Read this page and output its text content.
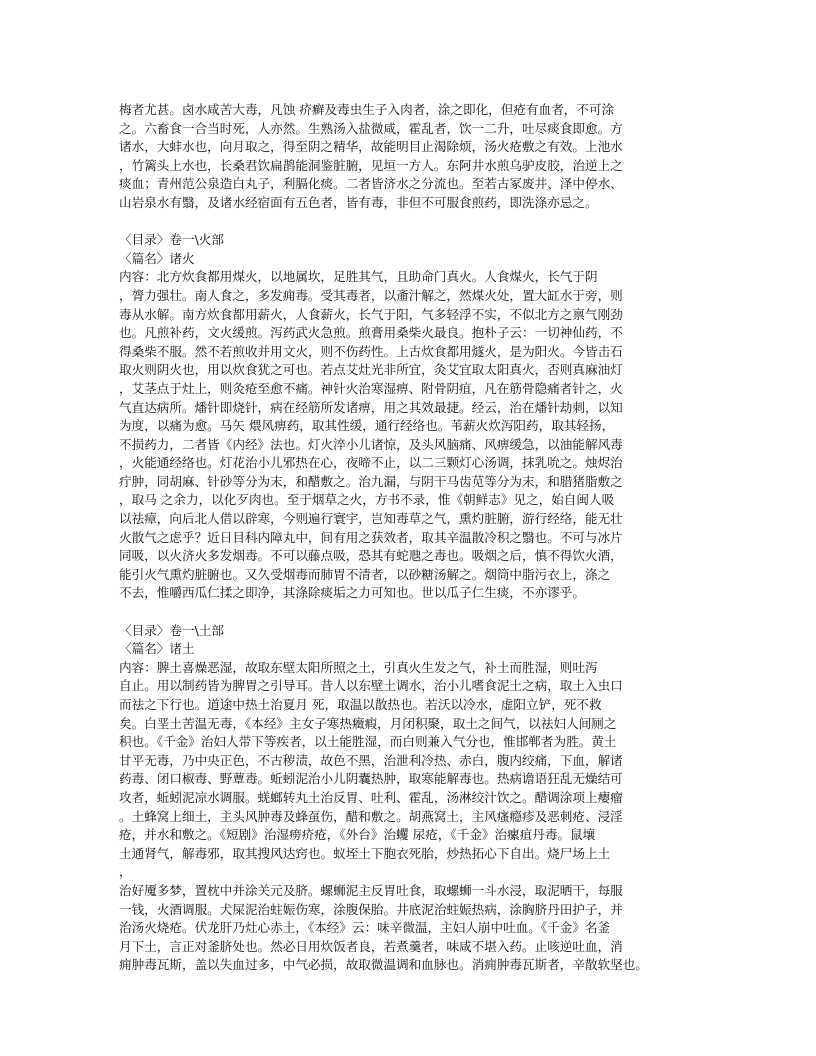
梅者尤甚。卤水咸苦大毒，凡蚀 疥癣及毒虫生子入肉者，涂之即化，但疮有血者，不可涂
之。六畜食一合当时死，人亦然。生熟汤入盐微咸，霍乱者，饮一二升，吐尽痰食即愈。方
诸水，大蚌水也，向月取之，得至阴之精华，故能明目止渴除烦，汤火疮敷之有效。上池水
，竹篱头上水也，长桑君饮扁鹊能洞鉴脏腑，见垣一方人。东阿井水煎乌驴皮胶，治逆上之
痰血；青州范公泉造白丸子，利膈化痰。二者皆济水之分流也。至若古冢废井、泽中停水、
山岩泉水有翳，及诸水经宿面有五色者，皆有毒，非但不可服食煎药，即洗涤亦忌之。
〈目录〉卷一\火部
〈篇名〉诸火
内容：北方炊食都用煤火，以地属坎，足胜其气，且助命门真火。人食煤火，长气于阴
，膂力强壮。南人食之，多发痈毒。受其毒者，以齑汁解之，然煤火处，置大缸水于旁，则
毒从水解。南方炊食都用薪火，人食薪火，长气于阳，气多轻浮不实，不似北方之禀气刚劲
也。凡煎补药，文火缓煎。泻药武火急煎。煎膏用桑柴火最良。抱朴子云：一切神仙药，不
得桑柴不服。然不若煎收并用文火，则不伤药性。上古炊食都用燧火，是为阳火。今皆击石
取火则阴火也，用以炊食犹之可也。若点艾灶光非所宜，灸艾宜取太阳真火，否则真麻油灯
，艾茎点于灶上，则灸疮至愈不痛。神针火治寒湿痹、附骨阴疽，凡在筋骨隐痛者针之，火
气直达病所。燔针即烧针，病在经筋所发诸痹，用之其效最捷。经云，治在燔针劫刺，以知
为度，以痛为愈。马矢 煨风痹药，取其性缓，通行经络也。苇薪火炊泻阳药，取其轻扬，
不损药力，二者皆《内经》法也。灯火淬小儿诸惊，及头风脑痛、风痹缓急，以油能解风毒
，火能通经络也。灯花治小儿邪热在心，夜啼不止，以二三颗灯心汤调，抹乳吮之。烛烬治
疔肿，同胡麻、针砂等分为末，和醋敷之。治九漏，与阴干马齿苋等分为末，和腊猪脂敷之
，取马 之余力，以化歹肉也。至于烟草之火，方书不录，惟《朝鲜志》见之，始自闽人吸
以祛瘴，向后北人借以辟寒，今则遍行寰宇，岂知毒草之气，熏灼脏腑，游行经络，能无壮
火散气之虑乎？近日目科内障丸中，间有用之获效者，取其辛温散冷积之翳也。不可与冰片
同吸，以火济火多发烟毒。不可以藤点吸，恐其有蛇虺之毒也。吸烟之后，慎不得饮火酒，
能引火气熏灼脏腑也。又久受烟毒而肺胃不清者，以砂糖汤解之。烟筒中脂污衣上，涤之
不去，惟嚼西瓜仁揉之即净，其涤除痰垢之力可知也。世以瓜子仁生痰，不亦谬乎。
〈目录〉卷一\土部
〈篇名〉诸土
内容：脾土喜燥恶湿，故取东壁太阳所照之土，引真火生发之气，补土而胜湿，则吐泻
自止。用以制药皆为脾胃之引导耳。昔人以东壁土调水，治小儿嗜食泥土之病，取土入虫口
而祛之下行也。道途中热土治夏月 死，取温以散热也。若沃以冷水，虚阳立铲，死不救
矣。白垩土苦温无毒，《本经》主女子寒热癥瘕，月闭积聚，取土之间气，以祛妇人间厕之
积也。《千金》治妇人带下等疾者，以土能胜湿，而白则兼入气分也，惟邯郸者为胜。黄土
甘平无毒，乃中央正色，不古秽渍，故色不黑，治泄利冷热、赤白，腹内绞痛，下血，解诸
药毒、闭口椒毒、野蕈毒。蚯蚓泥治小儿阴囊热肿，取寒能解毒也。热病谵语狂乱无燥结可
攻者，蚯蚓泥凉水调服。蜣螂转丸土治反胃、吐利、霍乱，汤淋绞汁饮之。醋调涂项上瘿瘤
。土蜂窝上细土，主头风肿毒及蜂虿伤，醋和敷之。胡燕窝土，主风瘙瘾疹及恶刺疮、浸淫
疮，并水和敷之。《短剧》治湿痨疥疮，《外台》治蠼 尿疮，《千金》治瘰疽丹毒。鼠壤
土通肾气，解毒邪，取其搜风达窍也。蚁垤土下胞衣死胎，炒热拓心下自出。烧尸场上土
，
治好魇多梦，置枕中并涂关元及脐。螺蛳泥主反胃吐食，取螺蛳一斗水浸，取泥晒干，每服
一钱，火酒调服。犬屎泥治蛀娠伤寒，涂腹保胎。井底泥治蛀娠热病，涂胸脐丹田护子，并
治汤火烧疮。伏龙肝乃灶心赤土，《本经》云：味辛微温，主妇人崩中吐血。《千金》名釜
月下土，言正对釜脐处也。然必日用炊饭者良，若煮羹者，味咸不堪入药。止咳逆吐血，消
痈肿毒瓦斯，盖以失血过多，中气必损，故取微温调和血脉也。消痈肿毒瓦斯者，辛散软坚也。
